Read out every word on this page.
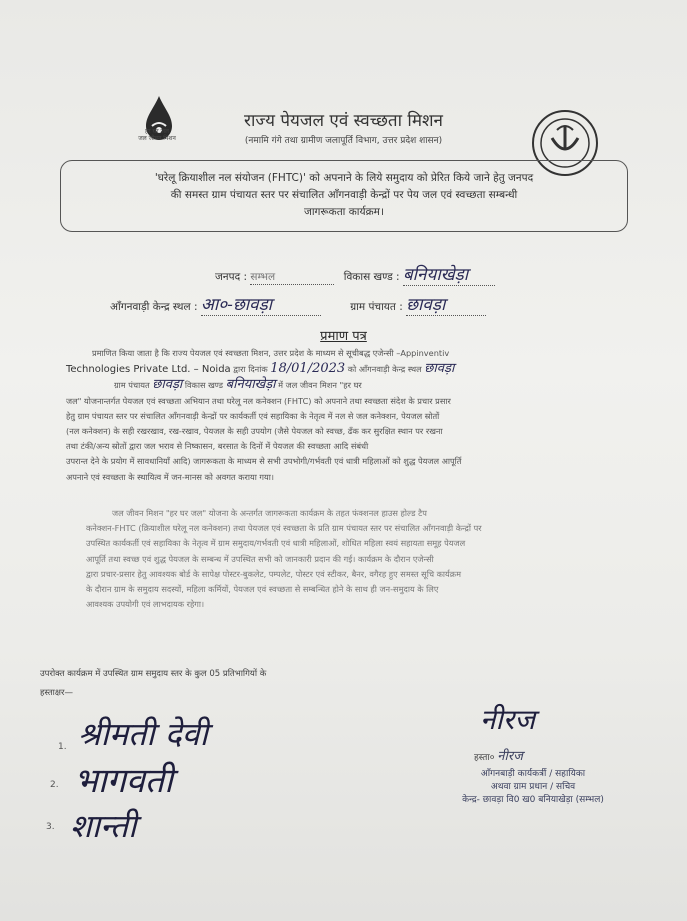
हर घर जल
जल जीवन मिशन
राज्य पेयजल एवं स्वच्छता मिशन
(नमामि गंगे तथा ग्रामीण जलापूर्ति विभाग, उत्तर प्रदेश शासन)
'घरेलू क्रियाशील नल संयोजन (FHTC)' को अपनाने के लिये समुदाय को प्रेरित किये जाने हेतु जनपद
की समस्त ग्राम पंचायत स्तर पर संचालित आँगनवाड़ी केन्द्रों पर पेय जल एवं स्वच्छता सम्बन्धी
जागरूकता कार्यक्रम।
जनपद : सम्भल	विकास खण्ड : बनियाखेड़ा
आँगनवाड़ी केन्द्र स्थल : आ०-छावड़ा	ग्राम पंचायत : छावड़ा
प्रमाण पत्र
प्रमाणित किया जाता है कि राज्य पेयजल एवं स्वच्छता मिशन, उत्तर प्रदेश के माध्यम से सूचीबद्ध एजेन्सी –Appinventiv
Technologies Private Ltd. – Noida द्वारा दिनांक 18/01/2023 को आँगनवाड़ी केन्द्र स्थल छावड़ा
ग्राम पंचायत छावड़ा विकास खण्ड बनियाखेड़ा में जल जीवन मिशन "हर घर
जल" योजनान्तर्गत पेयजल एवं स्वच्छता अभियान तथा घरेलू नल कनेक्शन (FHTC) को अपनाने तथा स्वच्छता संदेश के प्रचार प्रसार
हेतु ग्राम पंचायत स्तर पर संचालित आँगनवाड़ी केन्द्रों पर कार्यकर्ती एवं सहायिका के नेतृत्व में नल से जल कनेक्शन, पेयजल स्रोतों
(नल कनेक्शन) के सही रखरखाव, रख-रखाव, पेयजल के सही उपयोग (जैसे पेयजल को स्वच्छ, ढँक कर सुरक्षित स्थान पर रखना
तथा टंकी/अन्य स्रोतों द्वारा जल भराव से निष्कासन, बरसात के दिनों में पेयजल की स्वच्छता आदि संबंधी
उपरान्त देने के प्रयोग में सावधानियाँ आदि) जागरूकता के माध्यम से सभी उपभोगी/गर्भवती एवं धात्री महिलाओं को शुद्ध पेयजल आपूर्ति
अपनाने एवं स्वच्छता के स्थायित्व में जन-मानस को अवगत कराया गया।
जल जीवन मिशन "हर घर जल" योजना के अन्तर्गत जागरूकता कार्यक्रम के तहत फंक्शनल हाउस होल्ड टैप
कनेक्शन-FHTC (क्रियाशील घरेलू नल कनेक्शन) तथा पेयजल एवं स्वच्छता के प्रति ग्राम पंचायत स्तर पर संचालित आँगनवाड़ी केन्द्रों पर
उपस्थित कार्यकर्ती एवं सहायिका के नेतृत्व में ग्राम समुदाय/गर्भवती एवं धात्री महिलाओं, शोधित महिला स्वयं सहायता समूह पेयजल
आपूर्ति तथा स्वच्छ एवं शुद्ध पेयजल के सम्बन्ध में उपस्थित सभी को जानकारी प्रदान की गई। कार्यक्रम के दौरान एजेन्सी
द्वारा प्रचार-प्रसार हेतु आवश्यक बोर्ड के सापेक्ष पोस्टर-बुकलेट, पम्पलेट, पोस्टर एवं स्टीकर, बैनर, वगैरह हुए समस्त सूचि कार्यक्रम
के दौरान ग्राम के समुदाय सदस्यों, महिला कर्मियों, पेयजल एवं स्वच्छता से सम्बन्धित होने के साथ ही जन-समुदाय के लिए
आवश्यक उपयोगी एवं लाभदायक रहेगा।
उपरोक्त कार्यक्रम में उपस्थित ग्राम समुदाय स्तर के कुल 05 प्रतिभागियों के
हस्ताक्षर—
1. श्रीमती देवी
2. भागवती
3. शान्ती
नीरज
हस्ता० नीरज
आँगनबाड़ी कार्यकर्त्री / सहायिका
अथवा ग्राम प्रधान / सचिव
केन्द्र- छावड़ा वि0 ख0 बनियाखेड़ा (सम्भल)
